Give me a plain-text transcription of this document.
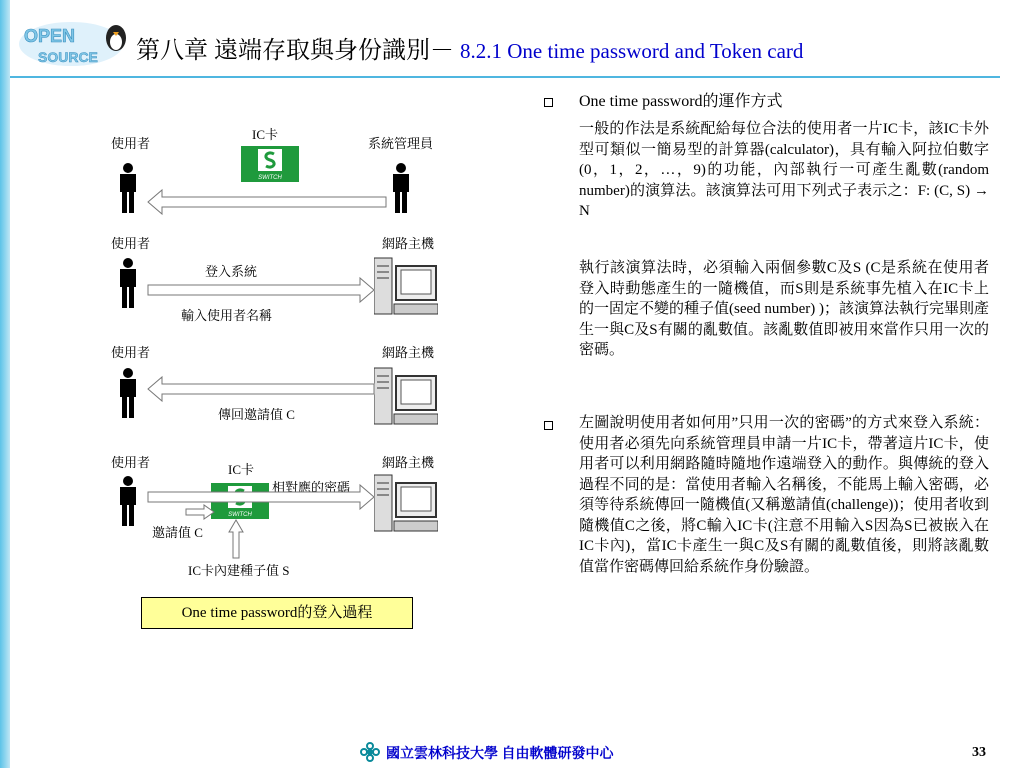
OPEN
SOURCE 第八章 遠端存取與身份識別－ 8.2.1 One time password and Token card
使用者
IC卡
系統管理員
SWITCH
使用者	網路主機
登入系統
輸入使用者名稱
使用者	網路主機
傳回邀請值 C
使用者	IC卡	網路主機
SWITCH
相對應的密碼
邀請值 C
IC卡內建種子值 S
One time password的登入過程
One time password的運作方式
一般的作法是系統配給每位合法的使用者一片IC卡，該IC卡外型可類似一簡易型的計算器(calculator)，具有輸入阿拉伯數字(0，1，2，…，9)的功能，內部執行一可產生亂數(random number)的演算法。該演算法可用下列式子表示之：F: (C, S) → N
執行該演算法時，必須輸入兩個參數C及S (C是系統在使用者登入時動態產生的一隨機值，而S則是系統事先植入在IC卡上的一固定不變的種子值(seed number) )；該演算法執行完畢則產生一與C及S有關的亂數值。該亂數值即被用來當作只用一次的密碼。
左圖說明使用者如何用”只用一次的密碼”的方式來登入系統：使用者必須先向系統管理員申請一片IC卡，帶著這片IC卡，使用者可以利用網路隨時隨地作遠端登入的動作。與傳統的登入過程不同的是：當使用者輸入名稱後，不能馬上輸入密碼，必須等待系統傳回一隨機值(又稱邀請值(challenge))；使用者收到隨機值C之後，將C輸入IC卡(注意不用輸入S因為S已被嵌入在IC卡內)，當IC卡產生一與C及S有關的亂數值後，則將該亂數值當作密碼傳回給系統作身份驗證。
國立雲林科技大學 自由軟體研發中心	33
